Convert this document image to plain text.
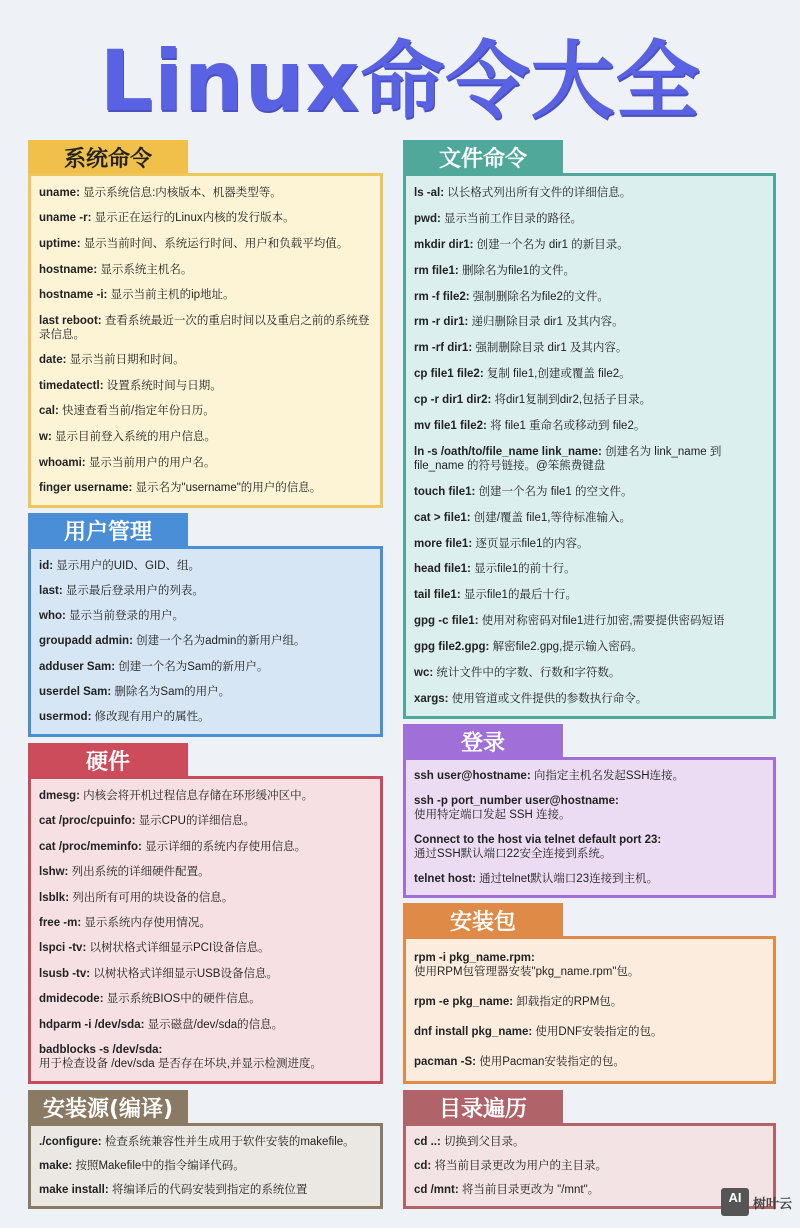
Linux命令大全
系统命令
uname: 显示系统信息:内核版本、机器类型等。
uname -r: 显示正在运行的Linux内核的发行版本。
uptime: 显示当前时间、系统运行时间、用户和负载平均值。
hostname: 显示系统主机名。
hostname -i: 显示当前主机的ip地址。
last reboot: 查看系统最近一次的重启时间以及重启之前的系统登录信息。
date: 显示当前日期和时间。
timedatectl: 设置系统时间与日期。
cal: 快速查看当前/指定年份日历。
w: 显示目前登入系统的用户信息。
whoami: 显示当前用户的用户名。
finger username: 显示名为"username"的用户的信息。
用户管理
id: 显示用户的UID、GID、组。
last: 显示最后登录用户的列表。
who: 显示当前登录的用户。
groupadd admin: 创建一个名为admin的新用户组。
adduser Sam: 创建一个名为Sam的新用户。
userdel Sam: 删除名为Sam的用户。
usermod: 修改现有用户的属性。
硬件
dmesg: 内核会将开机过程信息存储在环形缓冲区中。
cat /proc/cpuinfo: 显示CPU的详细信息。
cat /proc/meminfo: 显示详细的系统内存使用信息。
lshw: 列出系统的详细硬件配置。
lsblk: 列出所有可用的块设备的信息。
free -m: 显示系统内存使用情况。
lspci -tv: 以树状格式详细显示PCI设备信息。
lsusb -tv: 以树状格式详细显示USB设备信息。
dmidecode: 显示系统BIOS中的硬件信息。
hdparm -i /dev/sda: 显示磁盘/dev/sda的信息。
badblocks -s /dev/sda:
用于检查设备 /dev/sda 是否存在坏块,并显示检测进度。
安装源(编译)
./configure: 检查系统兼容性并生成用于软件安装的makefile。
make: 按照Makefile中的指令编译代码。
make install: 将编译后的代码安装到指定的系统位置
文件命令
ls -al: 以长格式列出所有文件的详细信息。
pwd: 显示当前工作目录的路径。
mkdir dir1: 创建一个名为 dir1 的新目录。
rm file1: 删除名为file1的文件。
rm -f file2: 强制删除名为file2的文件。
rm -r dir1: 递归删除目录 dir1 及其内容。
rm -rf dir1: 强制删除目录 dir1 及其内容。
cp file1 file2: 复制 file1,创建或覆盖 file2。
cp -r dir1 dir2: 将dir1复制到dir2,包括子目录。
mv file1 file2: 将 file1 重命名或移动到 file2。
ln -s /oath/to/file_name link_name: 创建名为 link_name 到 file_name 的符号链接。@笨熊费键盘
touch file1: 创建一个名为 file1 的空文件。
cat > file1: 创建/覆盖 file1,等待标准输入。
more file1: 逐页显示file1的内容。
head file1: 显示file1的前十行。
tail file1: 显示file1的最后十行。
gpg -c file1: 使用对称密码对file1进行加密,需要提供密码短语
gpg file2.gpg: 解密file2.gpg,提示输入密码。
wc: 统计文件中的字数、行数和字符数。
xargs: 使用管道或文件提供的参数执行命令。
登录
ssh user@hostname: 向指定主机名发起SSH连接。
ssh -p port_number user@hostname:
使用特定端口发起 SSH 连接。
Connect to the host via telnet default port 23:
通过SSH默认端口22安全连接到系统。
telnet host: 通过telnet默认端口23连接到主机。
安装包
rpm -i pkg_name.rpm:
使用RPM包管理器安装"pkg_name.rpm"包。
rpm -e pkg_name: 卸载指定的RPM包。
dnf install pkg_name: 使用DNF安装指定的包。
pacman -S: 使用Pacman安装指定的包。
目录遍历
cd ..: 切换到父目录。
cd: 将当前目录更改为用户的主目录。
cd /mnt: 将当前目录更改为 "/mnt"。	AI 树叶云
